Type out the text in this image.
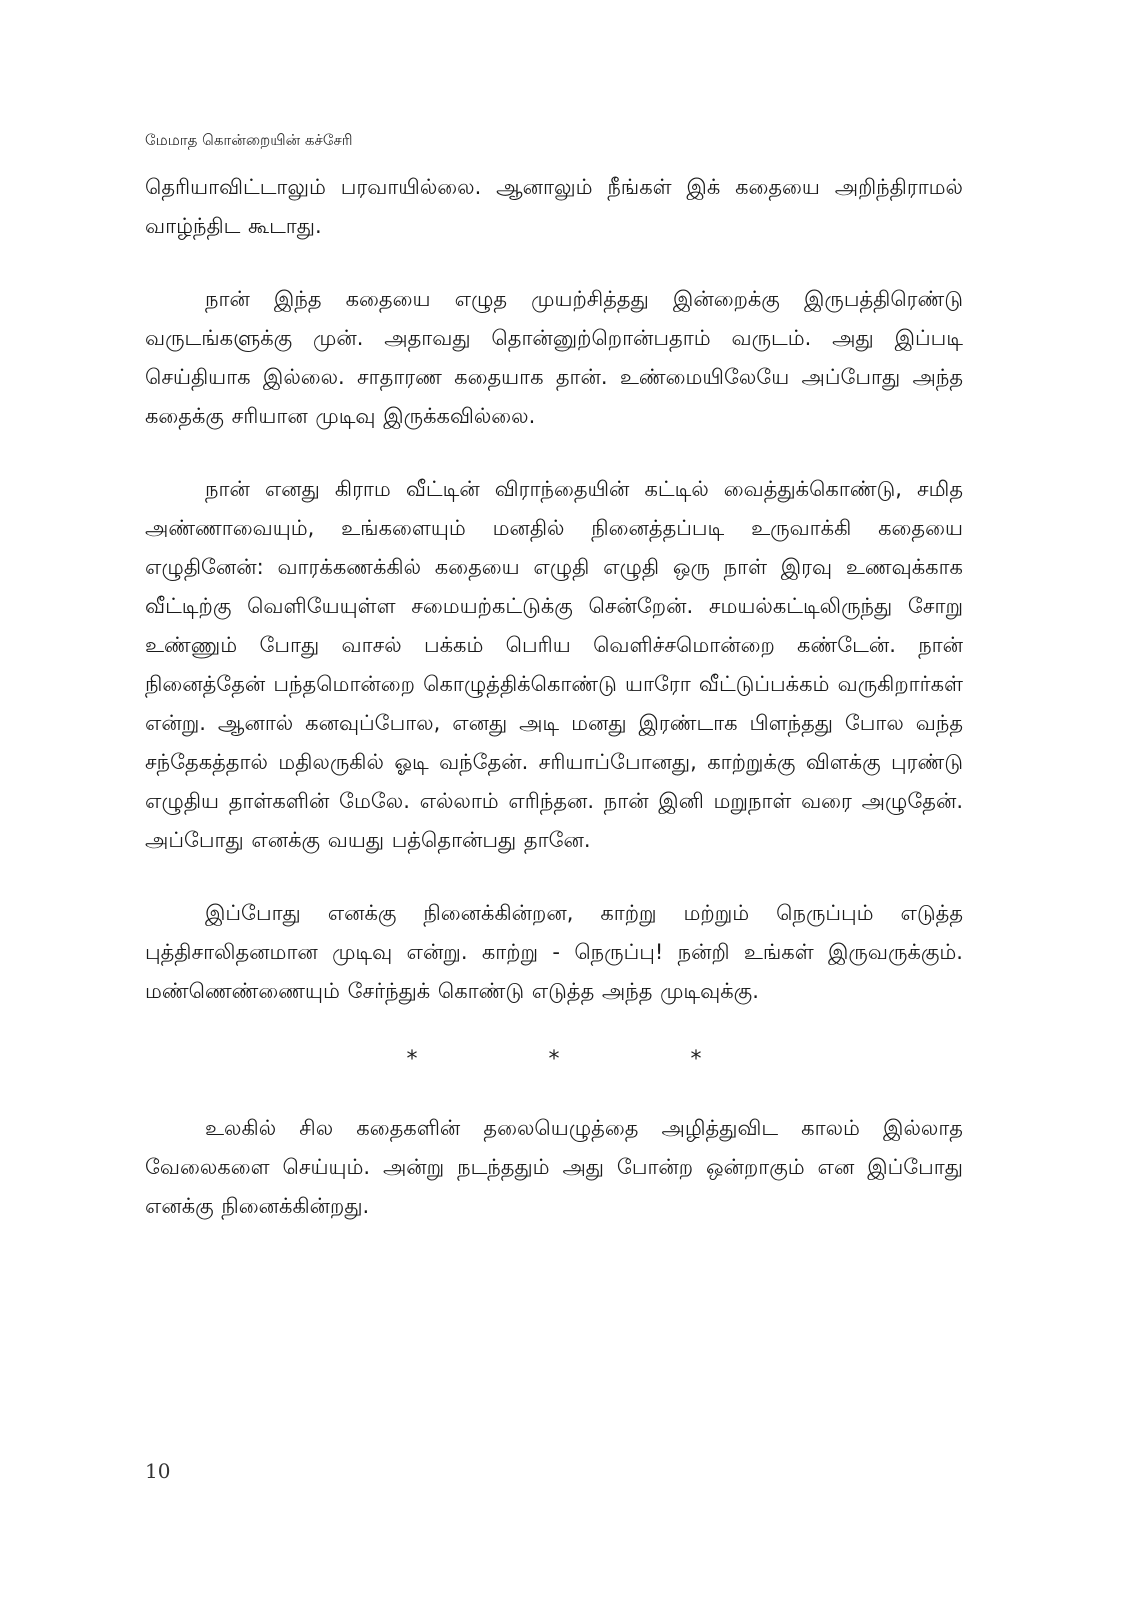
மேமாத கொன்றையின் கச்சேரி

தெரியாவிட்டாலும் பரவாயில்லை. ஆனாலும் நீங்கள் இக் கதையை அறிந்திராமல் வாழ்ந்திட கூடாது.

நான் இந்த கதையை எழுத முயற்சித்தது இன்றைக்கு இருபத்திரெண்டு வருடங்களுக்கு முன். அதாவது தொன்னுற்றொன்பதாம் வருடம். அது இப்படி செய்தியாக இல்லை. சாதாரண கதையாக தான். உண்மையிலேயே அப்போது அந்த கதைக்கு சரியான முடிவு இருக்கவில்லை.

நான் எனது கிராம வீட்டின் விராந்தையின் கட்டில் வைத்துக்கொண்டு, சமித அண்ணாவையும், உங்களையும் மனதில் நினைத்தப்படி உருவாக்கி கதையை எழுதினேன்: வாரக்கணக்கில் கதையை எழுதி எழுதி ஒரு நாள் இரவு உணவுக்காக வீட்டிற்கு வெளியேயுள்ள சமையற்கட்டுக்கு சென்றேன். சமயல்கட்டிலிருந்து சோறு உண்ணும் போது வாசல் பக்கம் பெரிய வெளிச்சமொன்றை கண்டேன். நான் நினைத்தேன் பந்தமொன்றை கொழுத்திக்கொண்டு யாரோ வீட்டுப்பக்கம் வருகிறார்கள் என்று. ஆனால் கனவுப்போல, எனது அடி மனது இரண்டாக பிளந்தது போல வந்த சந்தேகத்தால் மதிலருகில் ஓடி வந்தேன். சரியாப்போனது, காற்றுக்கு விளக்கு புரண்டு எழுதிய தாள்களின் மேலே. எல்லாம் எரிந்தன. நான் இனி மறுநாள் வரை அழுதேன். அப்போது எனக்கு வயது பத்தொன்பது தானே.

இப்போது எனக்கு நினைக்கின்றன, காற்று மற்றும் நெருப்பும் எடுத்த புத்திசாலிதனமான முடிவு என்று. காற்று - நெருப்பு! நன்றி உங்கள் இருவருக்கும். மண்ணெண்ணையும் சேர்ந்துக் கொண்டு எடுத்த அந்த முடிவுக்கு.

* * *

உலகில் சில கதைகளின் தலையெழுத்தை அழித்துவிட காலம் இல்லாத வேலைகளை செய்யும். அன்று நடந்ததும் அது போன்ற ஒன்றாகும் என இப்போது எனக்கு நினைக்கின்றது.

10
